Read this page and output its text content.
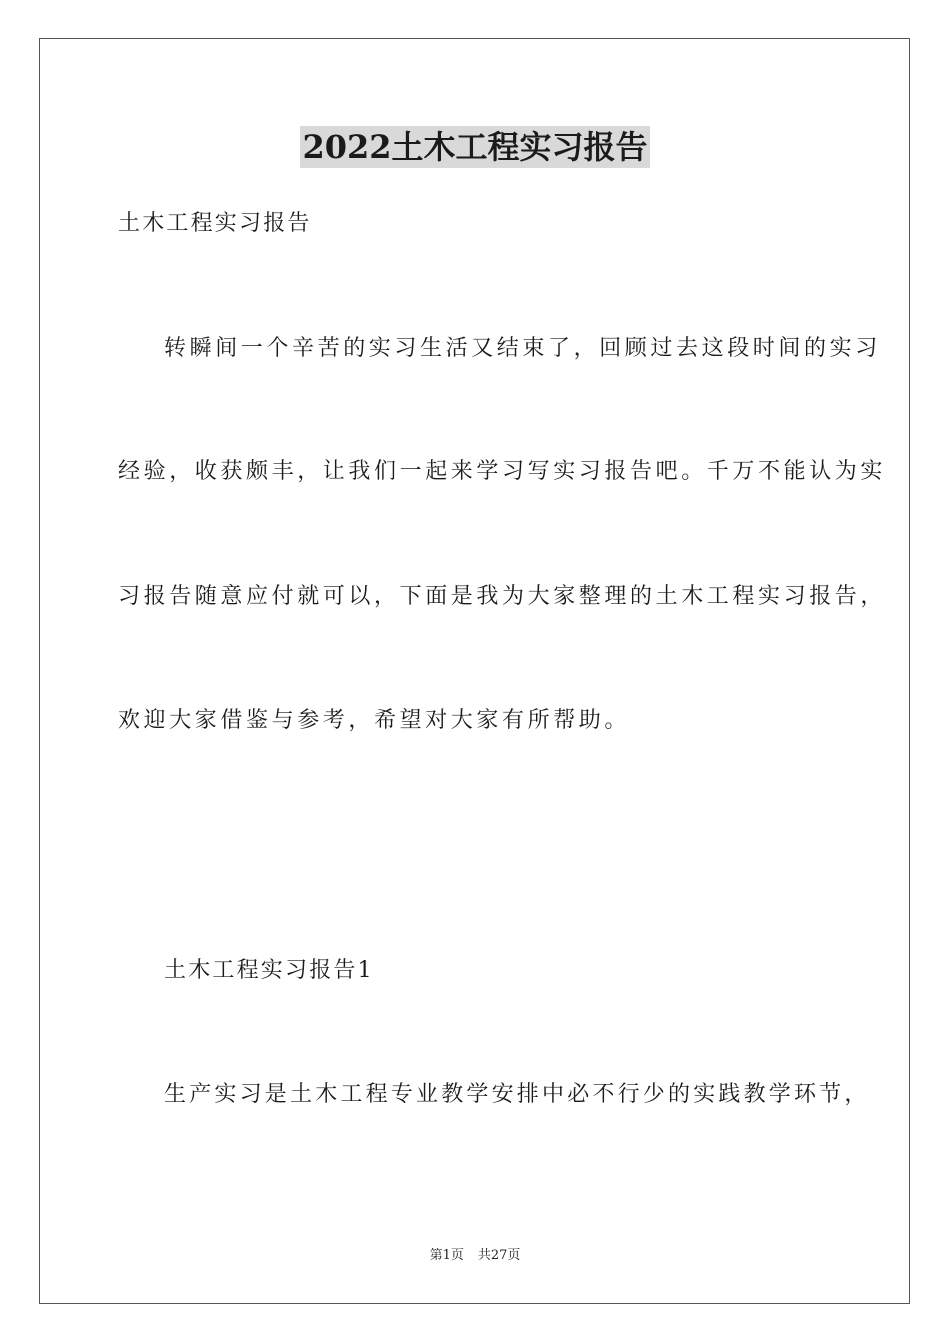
2022土木工程实习报告

土木工程实习报告

转瞬间一个辛苦的实习生活又结束了，回顾过去这段时间的实习

经验，收获颇丰，让我们一起来学习写实习报告吧。千万不能认为实

习报告随意应付就可以，下面是我为大家整理的土木工程实习报告，

欢迎大家借鉴与参考，希望对大家有所帮助。

土木工程实习报告1

生产实习是土木工程专业教学安排中必不行少的实践教学环节，

第1页 共27页
